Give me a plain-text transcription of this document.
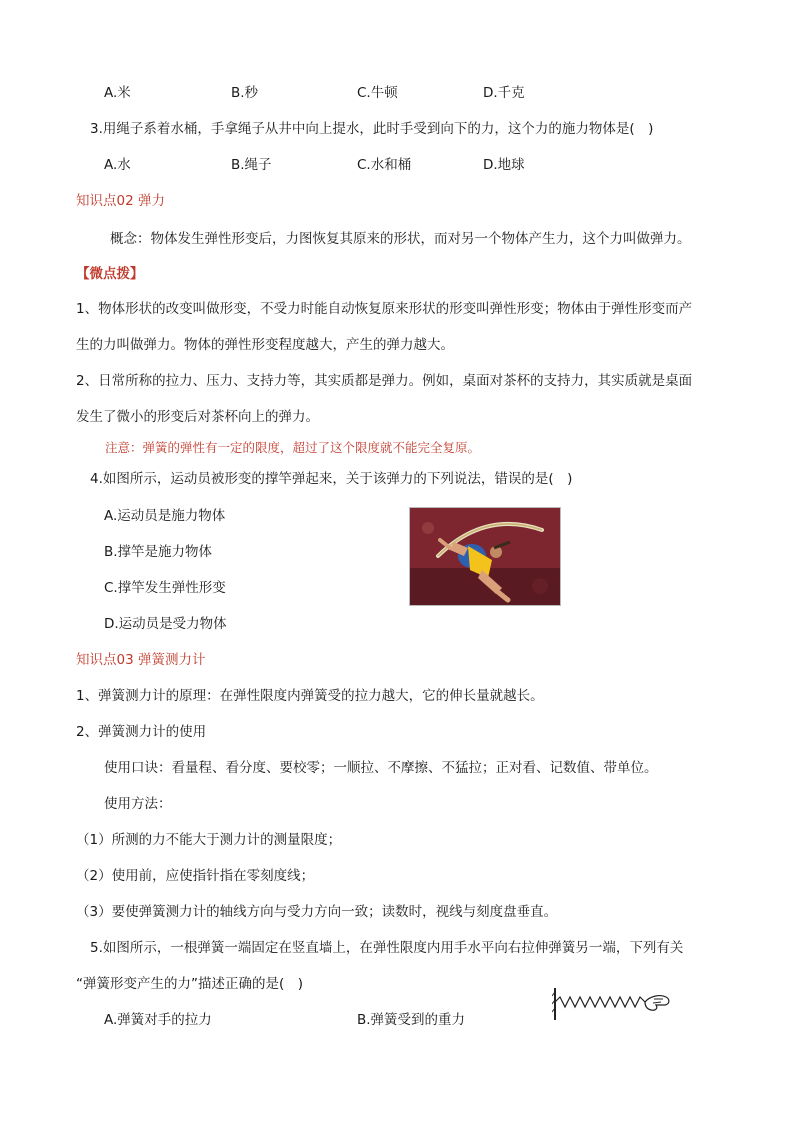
A.米	B.秒	C.牛顿	D.千克
3.用绳子系着水桶，手拿绳子从井中向上提水，此时手受到向下的力，这个力的施力物体是(　)
A.水	B.绳子	C.水和桶	D.地球
知识点02 弹力
概念：物体发生弹性形变后，力图恢复其原来的形状，而对另一个物体产生力，这个力叫做弹力。
【微点拨】
1、物体形状的改变叫做形变，不受力时能自动恢复原来形状的形变叫弹性形变；物体由于弹性形变而产
生的力叫做弹力。物体的弹性形变程度越大，产生的弹力越大。
2、日常所称的拉力、压力、支持力等，其实质都是弹力。例如，桌面对茶杯的支持力，其实质就是桌面
发生了微小的形变后对茶杯向上的弹力。
注意：弹簧的弹性有一定的限度，超过了这个限度就不能完全复原。
4.如图所示，运动员被形变的撑竿弹起来，关于该弹力的下列说法，错误的是(　)
A.运动员是施力物体
B.撑竿是施力物体
C.撑竿发生弹性形变
D.运动员是受力物体
知识点03 弹簧测力计
1、弹簧测力计的原理：在弹性限度内弹簧受的拉力越大，它的伸长量就越长。
2、弹簧测力计的使用
使用口诀：看量程、看分度、要校零；一顺拉、不摩擦、不猛拉；正对看、记数值、带单位。
使用方法：
（1）所测的力不能大于测力计的测量限度；
（2）使用前，应使指针指在零刻度线；
（3）要使弹簧测力计的轴线方向与受力方向一致；读数时，视线与刻度盘垂直。
5.如图所示，一根弹簧一端固定在竖直墙上，在弹性限度内用手水平向右拉伸弹簧另一端，下列有关
“弹簧形变产生的力”描述正确的是(　)
A.弹簧对手的拉力	B.弹簧受到的重力
